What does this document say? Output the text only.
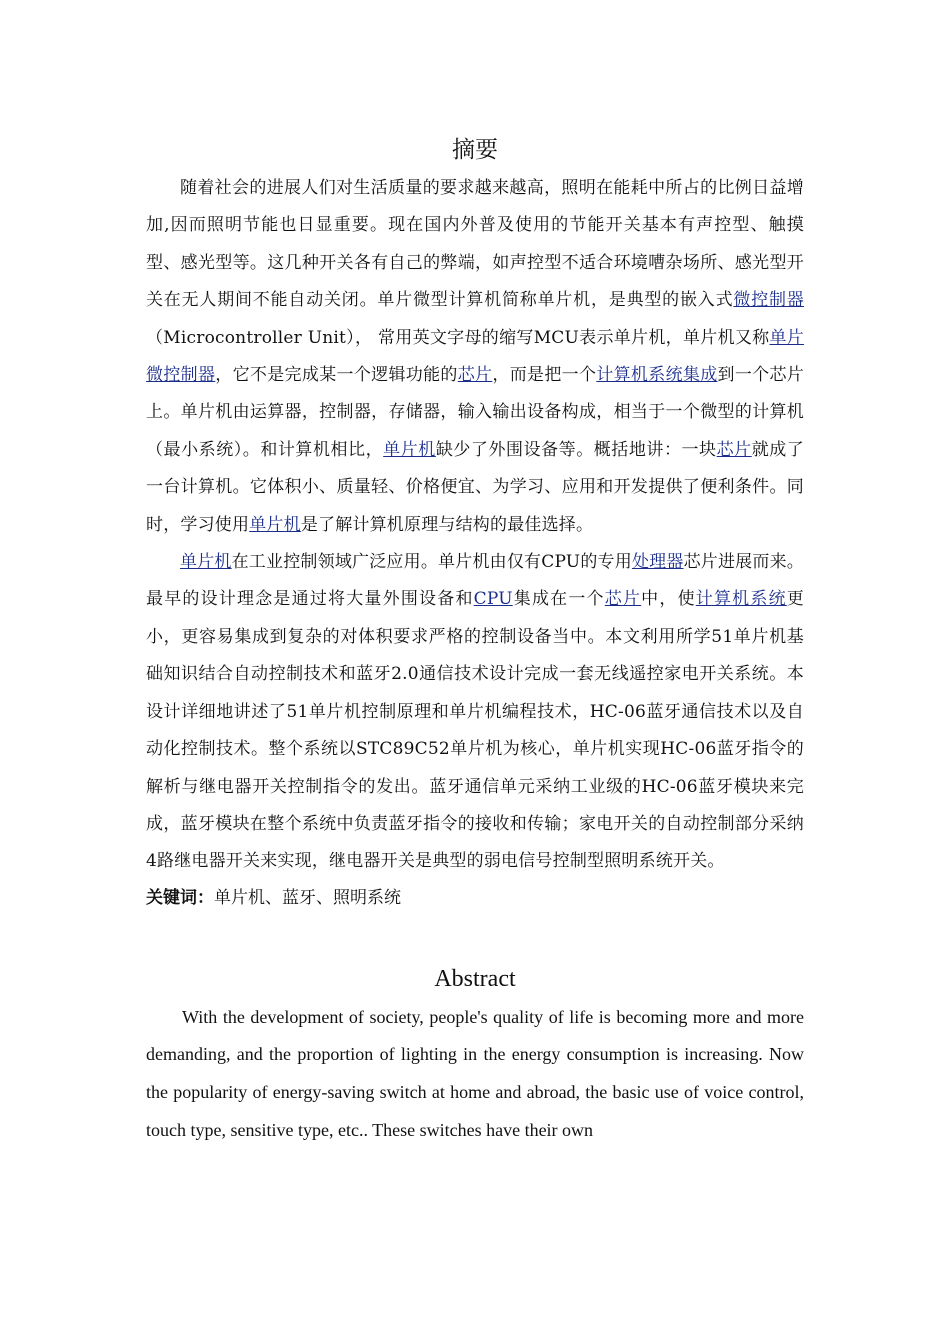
摘要

随着社会的进展人们对生活质量的要求越来越高，照明在能耗中所占的比例日益增加,因而照明节能也日显重要。现在国内外普及使用的节能开关基本有声控型、触摸型、感光型等。这几种开关各有自己的弊端，如声控型不适合环境嘈杂场所、感光型开关在无人期间不能自动关闭。单片微型计算机简称单片机，是典型的嵌入式微控制器（Microcontroller Unit）， 常用英文字母的缩写MCU表示单片机，单片机又称单片微控制器，它不是完成某一个逻辑功能的芯片，而是把一个计算机系统集成到一个芯片上。单片机由运算器，控制器，存储器，输入输出设备构成，相当于一个微型的计算机（最小系统）。和计算机相比，单片机缺少了外围设备等。概括地讲：一块芯片就成了一台计算机。它体积小、质量轻、价格便宜、为学习、应用和开发提供了便利条件。同时，学习使用单片机是了解计算机原理与结构的最佳选择。

单片机在工业控制领域广泛应用。单片机由仅有CPU的专用处理器芯片进展而来。最早的设计理念是通过将大量外围设备和CPU集成在一个芯片中，使计算机系统更小，更容易集成到复杂的对体积要求严格的控制设备当中。本文利用所学51单片机基础知识结合自动控制技术和蓝牙2.0通信技术设计完成一套无线遥控家电开关系统。本设计详细地讲述了51单片机控制原理和单片机编程技术，HC-06蓝牙通信技术以及自动化控制技术。整个系统以STC89C52单片机为核心，单片机实现HC-06蓝牙指令的解析与继电器开关控制指令的发出。蓝牙通信单元采纳工业级的HC-06蓝牙模块来完成，蓝牙模块在整个系统中负责蓝牙指令的接收和传输；家电开关的自动控制部分采纳4路继电器开关来实现，继电器开关是典型的弱电信号控制型照明系统开关。

关键词：单片机、蓝牙、照明系统

Abstract

With the development of society, people's quality of life is becoming more and more demanding, and the proportion of lighting in the energy consumption is increasing. Now the popularity of energy-saving switch at home and abroad, the basic use of voice control, touch type, sensitive type, etc.. These switches have their own
